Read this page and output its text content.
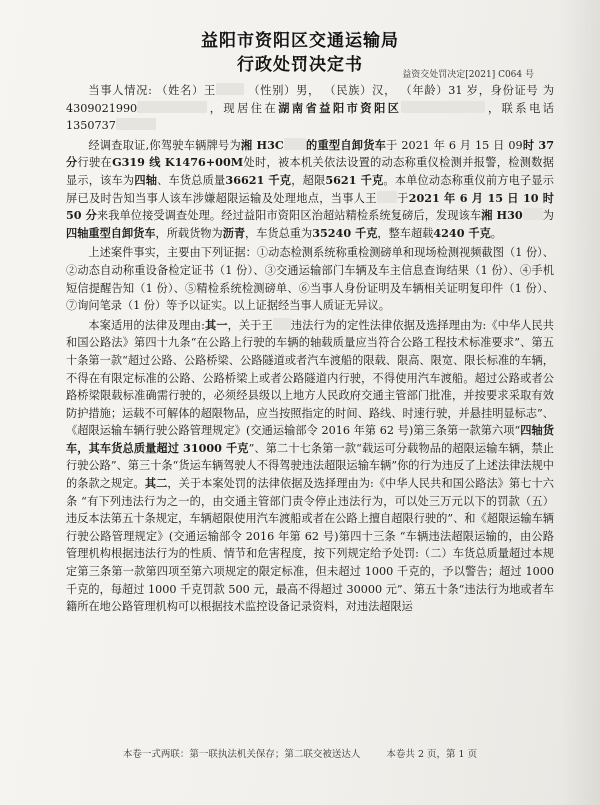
益阳市资阳区交通运输局
行政处罚决定书	益资交处罚决定[2021] C064 号

当事人情况: （姓名）王	（性别）男， （民族）汉， （年龄）31 岁，身份证号 为 4309021990	，现居住在湖南省益阳市资阳区	，联系电话 1350737

经调查取证,你驾驶车辆牌号为湘 H3C 的重型自卸货车于 2021 年 6 月 15 日 09时 37 分行驶在G319 线 K1476+00M处时，被本机关依法设置的动态称重仪检测并报警，检测数据显示，该车为四轴、车货总质量36621 千克，超限5621 千克。本单位动态称重仪前方电子显示屏已及时告知当事人该车涉嫌超限运输及处理地点，当事人王 于2021 年 6 月 15 日 10 时 50 分来我单位接受调查处理。经过益阳市资阳区治超站精检系统复磅后，发现该车湘 H30 为四轴重型自卸货车，所载货物为沥青，车货总重为35240 千克，整车超载4240 千克。

上述案件事实，主要由下列证据：①动态检测系统称重检测磅单和现场检测视频截图（1 份）、②动态自动称重设备检定证书（1 份）、③交通运输部门车辆及车主信息查询结果（1 份）、④手机短信提醒告知（1 份）、⑤精检系统检测磅单、⑥当事人身份证明及车辆相关证明复印件（1 份）、⑦询问笔录（1 份）等予以证实。以上证据经当事人质证无异议。

本案适用的法律及理由:其一，关于王 违法行为的定性法律依据及选择理由为:《中华人民共和国公路法》第四十九条“在公路上行驶的车辆的轴载质量应当符合公路工程技术标准要求”、第五十条第一款“超过公路、公路桥梁、公路隧道或者汽车渡船的限载、限高、限宽、限长标准的车辆，不得在有限定标准的公路、公路桥梁上或者公路隧道内行驶，不得使用汽车渡船。超过公路或者公路桥梁限载标准确需行驶的，必须经县级以上地方人民政府交通主管部门批准，并按要求采取有效防护措施；运载不可解体的超限物品，应当按照指定的时间、路线、时速行驶，并悬挂明显标志”、《超限运输车辆行驶公路管理规定》(交通运输部令 2016 年第 62 号)第三条第一款第六项“四轴货车，其车货总质量超过 31000 千克”、第二十七条第一款“载运可分载物品的超限运输车辆，禁止行驶公路”、第三十条“货运车辆驾驶人不得驾驶违法超限运输车辆”你的行为违反了上述法律法规中的条款之规定。其二，关于本案处罚的法律依据及选择理由为:《中华人民共和国公路法》第七十六条 “有下列违法行为之一的，由交通主管部门责令停止违法行为，可以处三万元以下的罚款（五）违反本法第五十条规定，车辆超限使用汽车渡船或者在公路上擅自超限行驶的”、和《超限运输车辆行驶公路管理规定》(交通运输部令 2016 年第 62 号)第四十三条 “车辆违法超限运输的，由公路管理机构根据违法行为的性质、情节和危害程度，按下列规定给予处罚:（二）车货总质量超过本规定第三条第一款第四项至第六项规定的限定标准，但未超过 1000 千克的，予以警告；超过 1000 千克的，每超过 1000 千克罚款 500 元，最高不得超过 30000 元”、第五十条“违法行为地或者车籍所在地公路管理机构可以根据技术监控设备记录资料，对违法超限运

本卷一式两联：第一联执法机关保存；第二联交被送达人	本卷共 2 页，第 1 页
